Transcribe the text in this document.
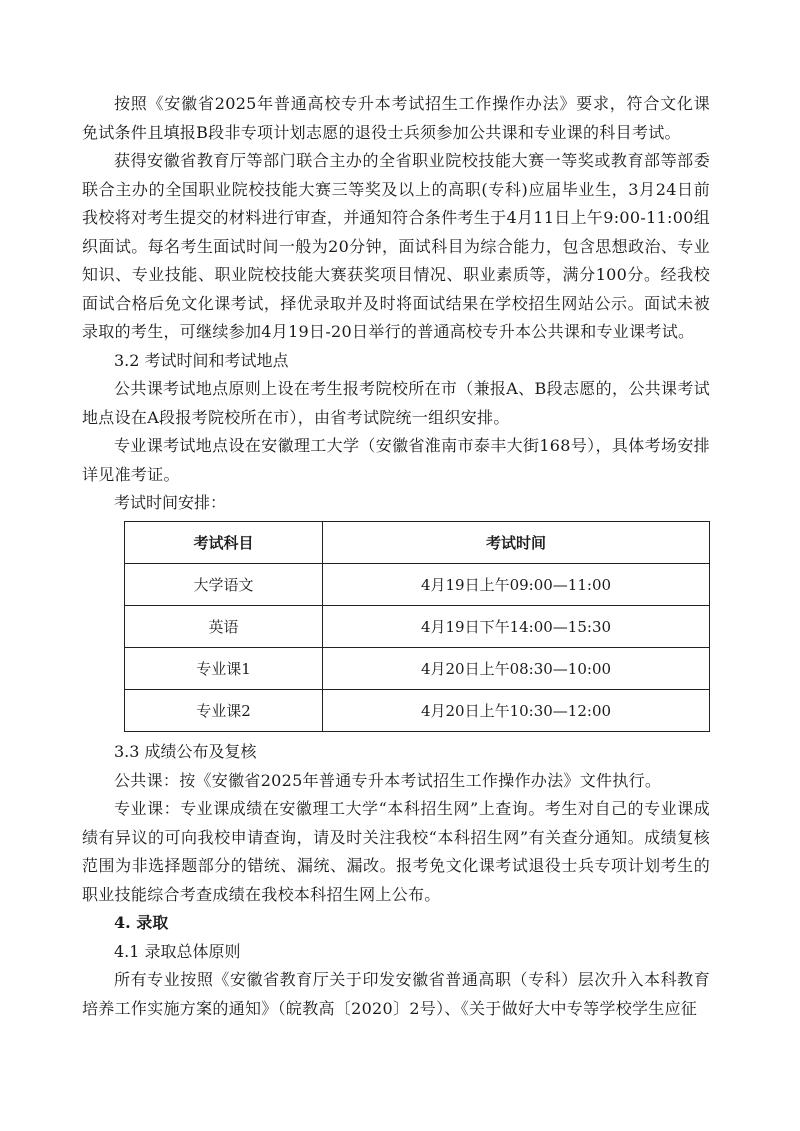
按照《安徽省2025年普通高校专升本考试招生工作操作办法》要求，符合文化课免试条件且填报B段非专项计划志愿的退役士兵须参加公共课和专业课的科目考试。

获得安徽省教育厅等部门联合主办的全省职业院校技能大赛一等奖或教育部等部委联合主办的全国职业院校技能大赛三等奖及以上的高职(专科)应届毕业生，3月24日前我校将对考生提交的材料进行审查，并通知符合条件考生于4月11日上午9:00-11:00组织面试。每名考生面试时间一般为20分钟，面试科目为综合能力，包含思想政治、专业知识、专业技能、职业院校技能大赛获奖项目情况、职业素质等，满分100分。经我校面试合格后免文化课考试，择优录取并及时将面试结果在学校招生网站公示。面试未被录取的考生，可继续参加4月19日-20日举行的普通高校专升本公共课和专业课考试。

3.2 考试时间和考试地点

公共课考试地点原则上设在考生报考院校所在市（兼报A、B段志愿的，公共课考试地点设在A段报考院校所在市），由省考试院统一组织安排。

专业课考试地点设在安徽理工大学（安徽省淮南市泰丰大街168号），具体考场安排详见准考证。

考试时间安排：

考试科目	考试时间
大学语文	4月19日上午09:00—11:00
英语	4月19日下午14:00—15:30
专业课1	4月20日上午08:30—10:00
专业课2	4月20日上午10:30—12:00

3.3 成绩公布及复核

公共课：按《安徽省2025年普通专升本考试招生工作操作办法》文件执行。

专业课：专业课成绩在安徽理工大学“本科招生网”上查询。考生对自己的专业课成绩有异议的可向我校申请查询，请及时关注我校“本科招生网”有关查分通知。成绩复核范围为非选择题部分的错统、漏统、漏改。报考免文化课考试退役士兵专项计划考生的职业技能综合考查成绩在我校本科招生网上公布。

4. 录取

4.1 录取总体原则

所有专业按照《安徽省教育厅关于印发安徽省普通高职（专科）层次升入本科教育培养工作实施方案的通知》（皖教高〔2020〕2号）、《关于做好大中专等学校学生应征
